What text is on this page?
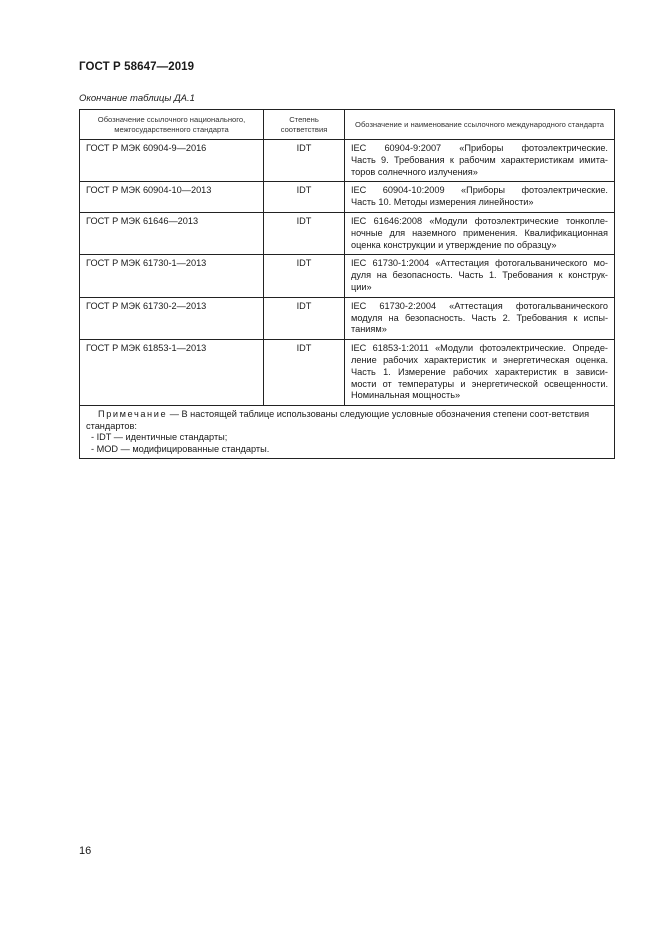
ГОСТ Р 58647—2019
Окончание таблицы ДА.1
Обозначение ссылочного национального, межгосударственного стандарта	Степень соответствия	Обозначение и наименование ссылочного международного стандарта
ГОСТ Р МЭК 60904-9—2016	IDT	IEC 60904-9:2007 «Приборы фотоэлектрические.
Часть 9. Требования к рабочим характеристикам имита-
торов солнечного излучения»

ГОСТ Р МЭК 60904-10—2013	IDT	IEC 60904-10:2009 «Приборы фотоэлектрические.
Часть 10. Методы измерения линейности»

ГОСТ Р МЭК 61646—2013	IDT	IEC 61646:2008 «Модули фотоэлектрические тонкопле-
ночные для наземного применения. Квалификационная
оценка конструкции и утверждение по образцу»

ГОСТ Р МЭК 61730-1—2013	IDT	IEC 61730-1:2004 «Аттестация фотогальванического мо-
дуля на безопасность. Часть 1. Требования к конструк-
ции»

ГОСТ Р МЭК 61730-2—2013	IDT	IEC 61730-2:2004 «Аттестация фотогальванического
модуля на безопасность. Часть 2. Требования к испы-
таниям»

ГОСТ Р МЭК 61853-1—2013	IDT	IEC 61853-1:2011 «Модули фотоэлектрические. Опреде-
ление рабочих характеристик и энергетическая оценка.
Часть 1. Измерение рабочих характеристик в зависи-
мости от температуры и энергетической освещенности.
Номинальная мощность»

Примечание — В настоящей таблице использованы следующие условные обозначения степени соот-ветствия стандартов:
- IDT — идентичные стандарты;
- MOD — модифицированные стандарты.		
16
